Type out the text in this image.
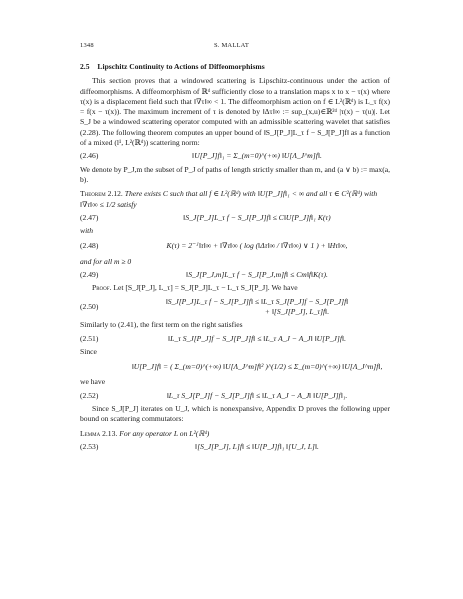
1348	S. MALLAT
2.5 Lipschitz Continuity to Actions of Diffeomorphisms

This section proves that a windowed scattering is Lipschitz-continuous under the action of diffeomorphisms. A diffeomorphism of ℝᵈ sufficiently close to a translation maps x to x − τ(x) where τ(x) is a displacement field such that ‖∇τ‖∞ < 1. The diffeomorphism action on f ∈ L²(ℝᵈ) is L_τ f(x) = f(x − τ(x)). The maximum increment of τ is denoted by ‖Δτ‖∞ := sup_(x,u)∈ℝ²ᵈ |τ(x) − τ(u)|. Let S_J be a windowed scattering operator computed with an admissible scattering wavelet that satisfies (2.28). The following theorem computes an upper bound of ‖S_J[P_J]L_τ f − S_J[P_J]f‖ as a function of a mixed (l¹, L²(ℝᵈ)) scattering norm:

(2.46)	‖U[P_J]f‖₁ = Σ_(m=0)^(+∞) ‖U[Λ_J^m]f‖.

We denote by P_J,m the subset of P_J of paths of length strictly smaller than m, and (a ∨ b) := max(a, b).

Theorem 2.12. There exists C such that all f ∈ L²(ℝᵈ) with ‖U[P_J]f‖₁ < ∞ and all τ ∈ C²(ℝᵈ) with ‖∇τ‖∞ ≤ 1/2 satisfy
(2.47)	‖S_J[P_J]L_τ f − S_J[P_J]f‖ ≤ C‖U[P_J]f‖₁ K(τ)

with

(2.48)	K(τ) = 2⁻ᴶ‖τ‖∞ + ‖∇τ‖∞ ( log (‖Δτ‖∞ / ‖∇τ‖∞) ∨ 1 ) + ‖Hτ‖∞,

and for all m ≥ 0

(2.49)	‖S_J[P_J,m]L_τ f − S_J[P_J,m]f‖ ≤ Cm‖f‖K(τ).

Proof. Let [S_J[P_J], L_τ] = S_J[P_J]L_τ − L_τ S_J[P_J]. We have

(2.50)
‖S_J[P_J]L_τ f − S_J[P_J]f‖ ≤ ‖L_τ S_J[P_J]f − S_J[P_J]f‖
+ ‖[S_J[P_J], L_τ]f‖.

Similarly to (2.41), the first term on the right satisfies

(2.51)	‖L_τ S_J[P_J]f − S_J[P_J]f‖ ≤ ‖L_τ A_J − A_J‖ ‖U[P_J]f‖.

Since

‖U[P_J]f‖ = ( Σ_(m=0)^(+∞) ‖U[Λ_J^m]f‖² )^(1/2) ≤ Σ_(m=0)^(+∞) ‖U[Λ_J^m]f‖,

we have

(2.52)	‖L_τ S_J[P_J]f − S_J[P_J]f‖ ≤ ‖L_τ A_J − A_J‖ ‖U[P_J]f‖₁.

Since S_J[P_J] iterates on U_J, which is nonexpansive, Appendix D proves the following upper bound on scattering commutators:

Lemma 2.13. For any operator L on L²(ℝᵈ)
(2.53)	‖[S_J[P_J], L]f‖ ≤ ‖U[P_J]f‖₁ ‖[U_J, L]‖.
